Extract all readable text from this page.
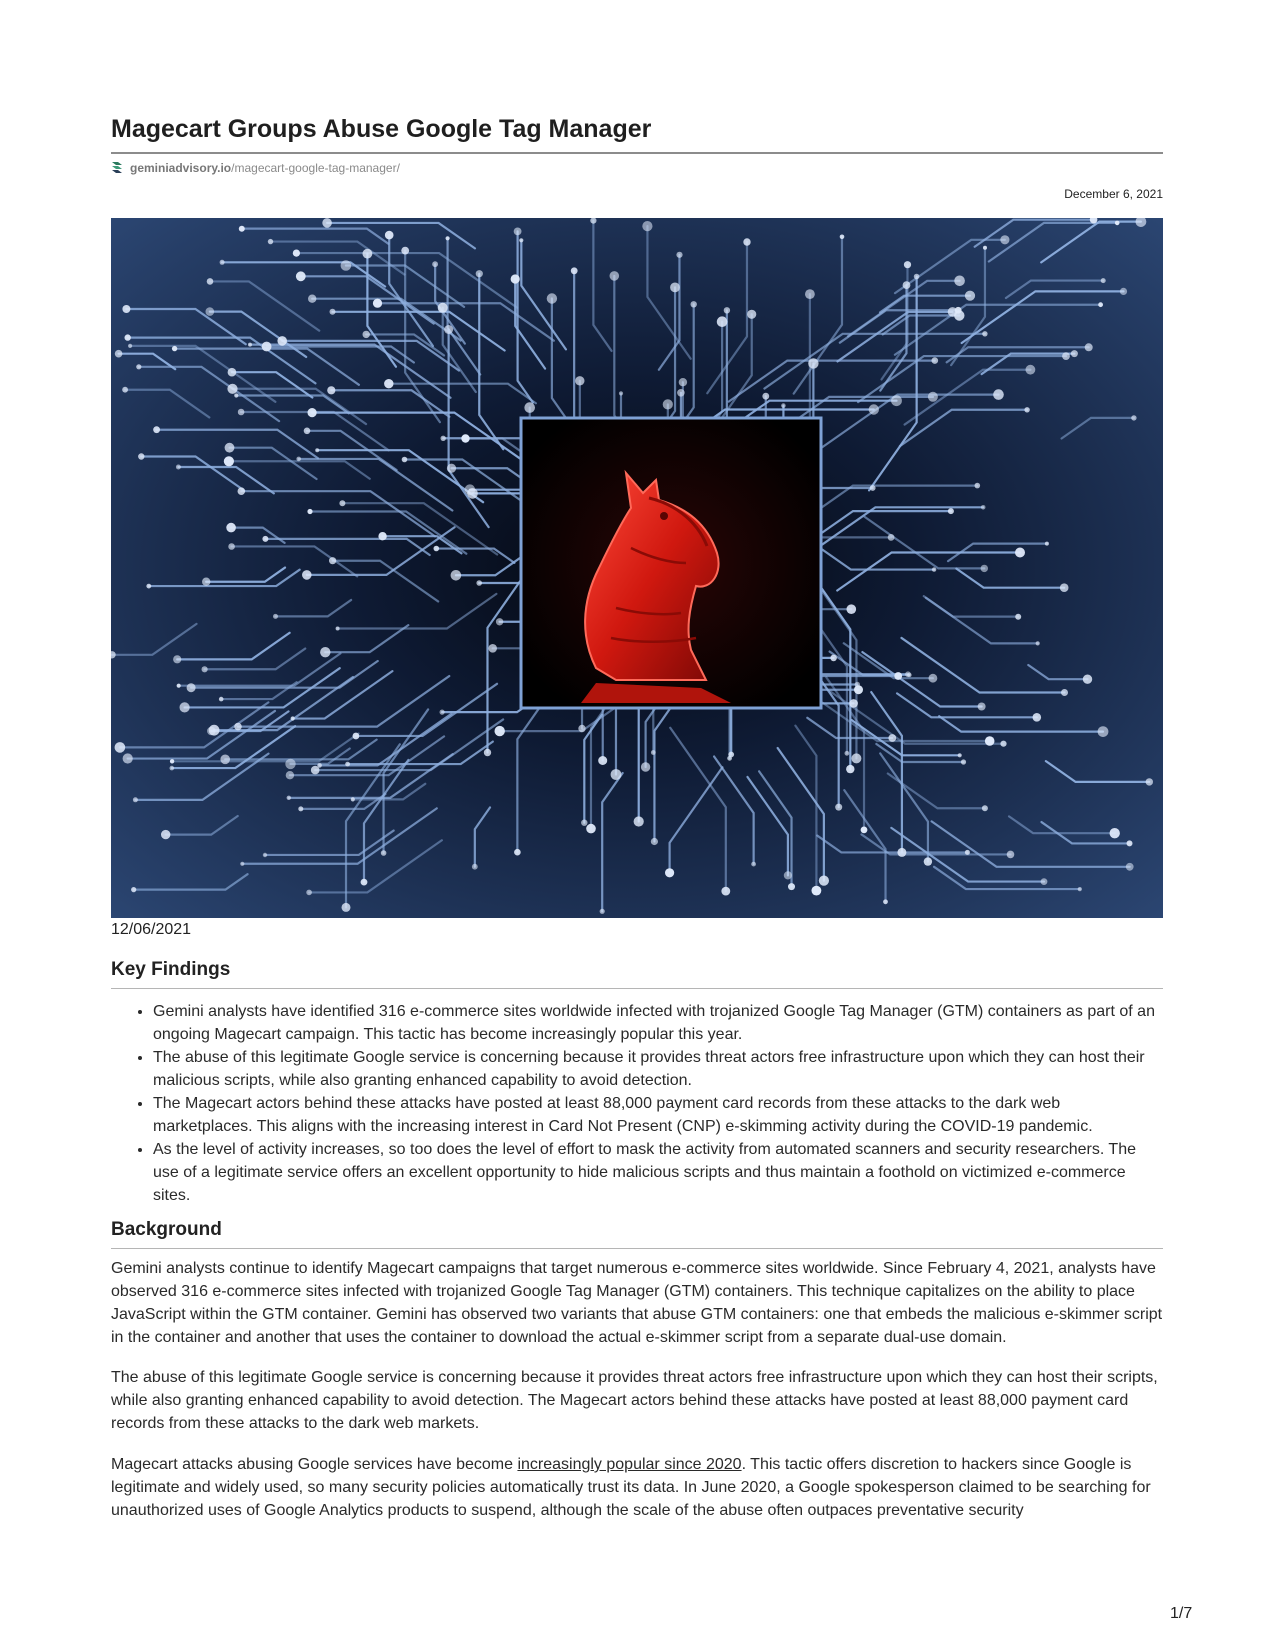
Magecart Groups Abuse Google Tag Manager
geminiadvisory.io /magecart-google-tag-manager/
December 6, 2021
12/06/2021
Key Findings
• Gemini analysts have identified 316 e-commerce sites worldwide infected with trojanized Google Tag Manager (GTM) containers as part of an ongoing Magecart campaign. This tactic has become increasingly popular this year.
• The abuse of this legitimate Google service is concerning because it provides threat actors free infrastructure upon which they can host their malicious scripts, while also granting enhanced capability to avoid detection.
• The Magecart actors behind these attacks have posted at least 88,000 payment card records from these attacks to the dark web marketplaces. This aligns with the increasing interest in Card Not Present (CNP) e-skimming activity during the COVID-19 pandemic.
• As the level of activity increases, so too does the level of effort to mask the activity from automated scanners and security researchers. The use of a legitimate service offers an excellent opportunity to hide malicious scripts and thus maintain a foothold on victimized e-commerce sites.
Background

Gemini analysts continue to identify Magecart campaigns that target numerous e-commerce sites worldwide. Since February 4, 2021, analysts have observed 316 e-commerce sites infected with trojanized Google Tag Manager (GTM) containers. This technique capitalizes on the ability to place JavaScript within the GTM container. Gemini has observed two variants that abuse GTM containers: one that embeds the malicious e-skimmer script in the container and another that uses the container to download the actual e-skimmer script from a separate dual-use domain.

The abuse of this legitimate Google service is concerning because it provides threat actors free infrastructure upon which they can host their scripts, while also granting enhanced capability to avoid detection. The Magecart actors behind these attacks have posted at least 88,000 payment card records from these attacks to the dark web markets.

Magecart attacks abusing Google services have become increasingly popular since 2020. This tactic offers discretion to hackers since Google is legitimate and widely used, so many security policies automatically trust its data. In June 2020, a Google spokesperson claimed to be searching for unauthorized uses of Google Analytics products to suspend, although the scale of the abuse often outpaces preventative security

1/7
